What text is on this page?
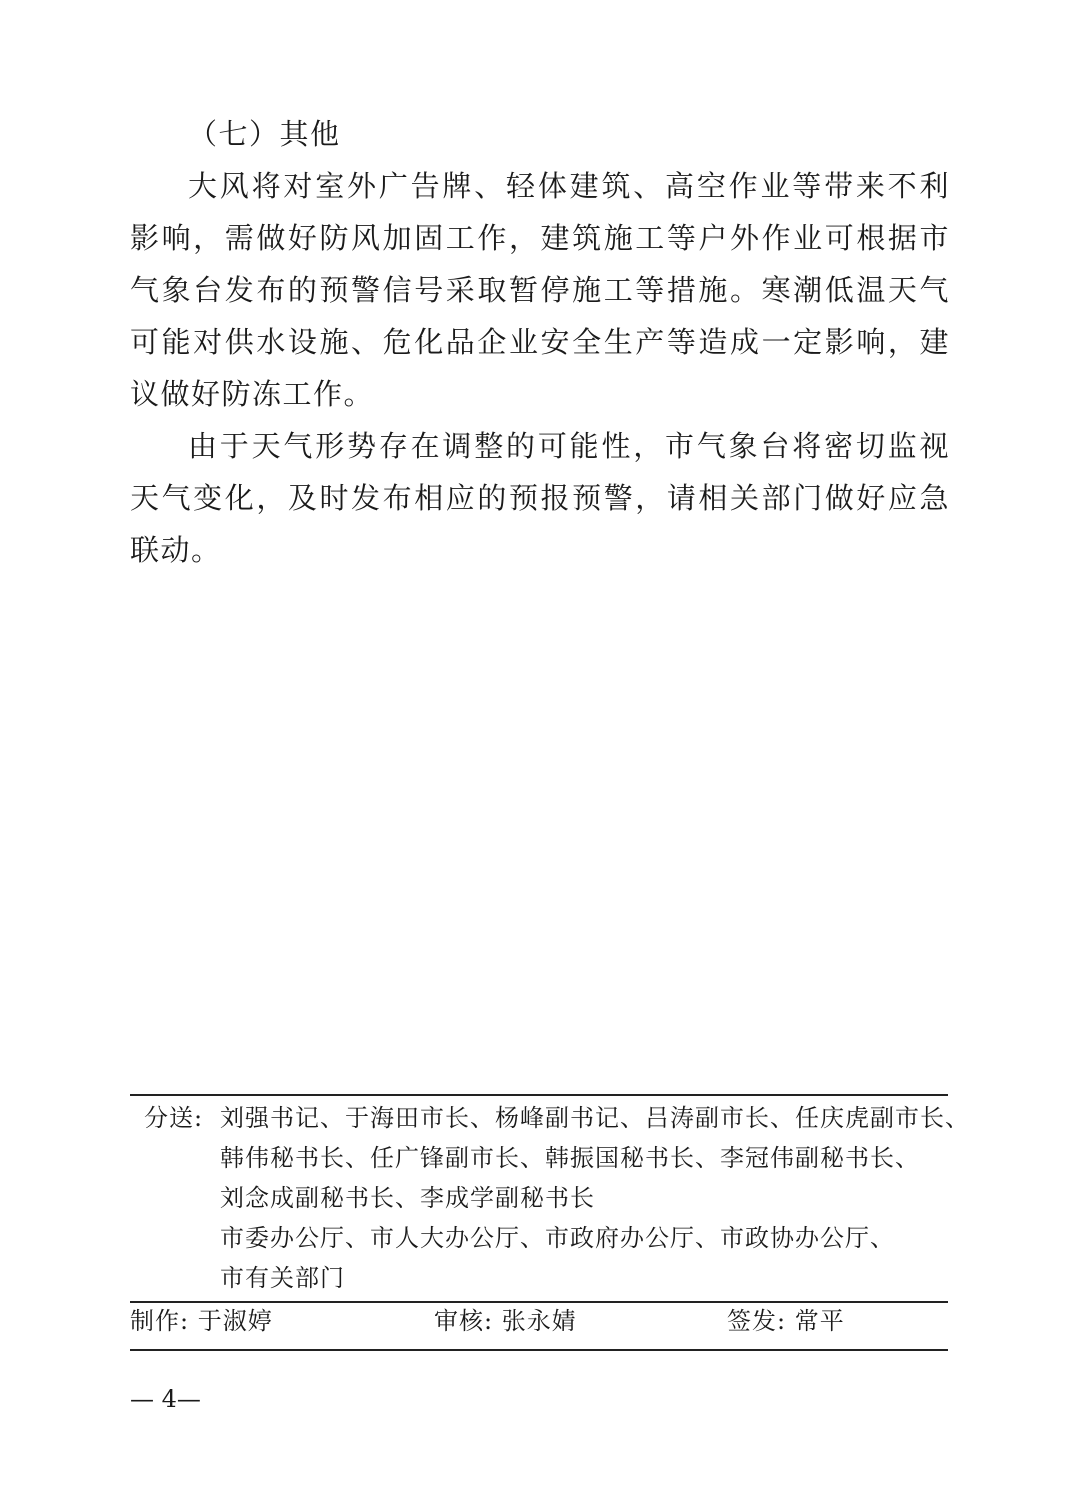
（七）其他

大风将对室外广告牌、轻体建筑、高空作业等带来不利影响，需做好防风加固工作，建筑施工等户外作业可根据市气象台发布的预警信号采取暂停施工等措施。寒潮低温天气可能对供水设施、危化品企业安全生产等造成一定影响，建议做好防冻工作。

由于天气形势存在调整的可能性，市气象台将密切监视天气变化，及时发布相应的预报预警，请相关部门做好应急联动。

分送: 刘强书记、于海田市长、杨峰副书记、吕涛副市长、任庆虎副市长、
韩伟秘书长、任广锋副市长、韩振国秘书长、李冠伟副秘书长、
刘念成副秘书长、李成学副秘书长
市委办公厅、市人大办公厅、市政府办公厅、市政协办公厅、
市有关部门
制作: 于淑婷	审核: 张永婧	签发: 常平
— 4—
